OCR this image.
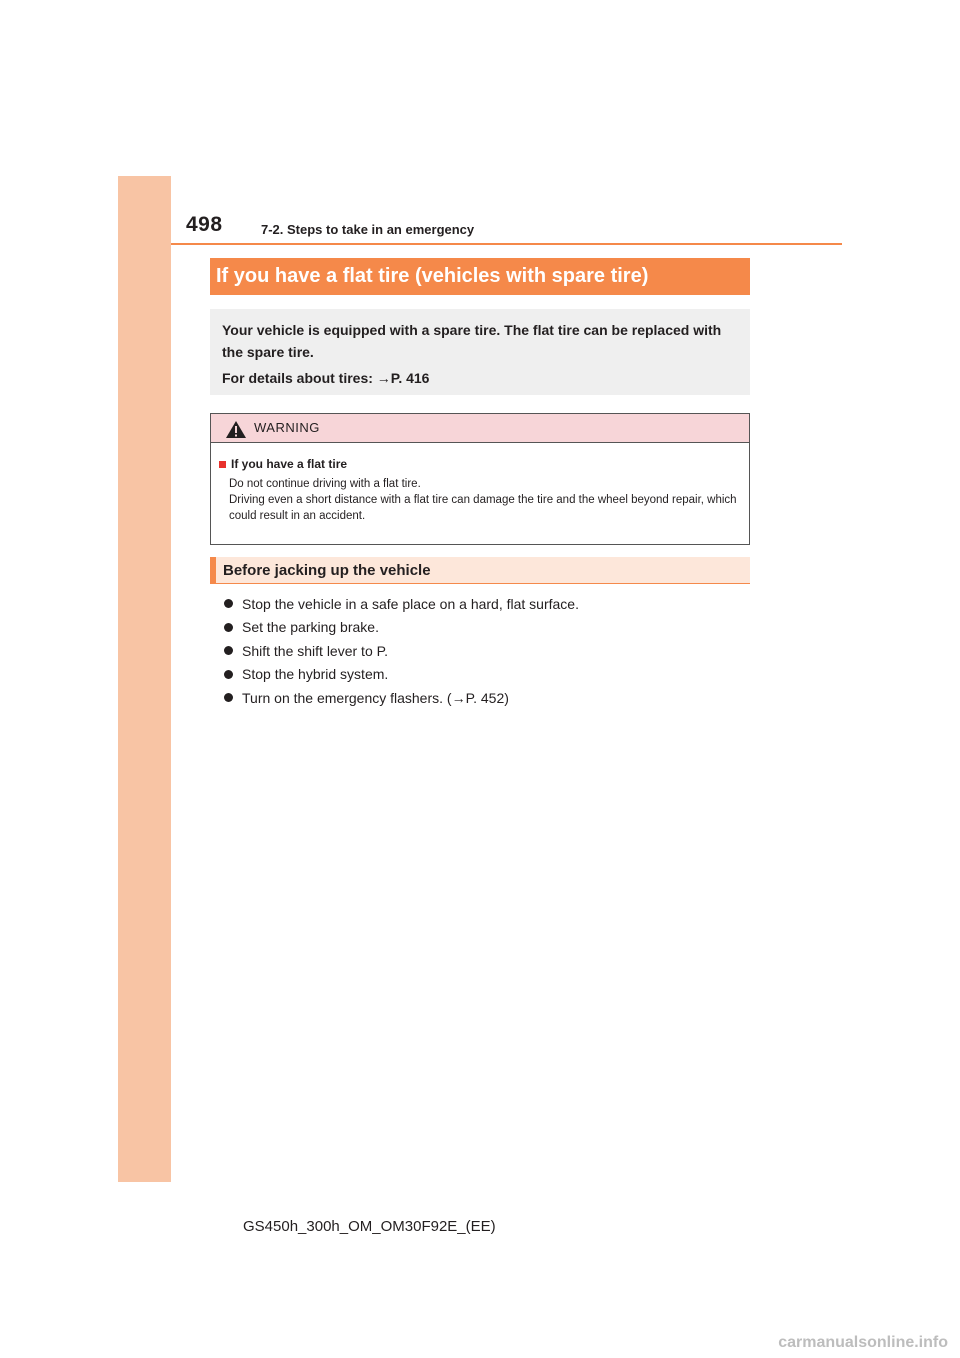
498	7-2. Steps to take in an emergency
If you have a flat tire (vehicles with spare tire)

Your vehicle is equipped with a spare tire. The flat tire can be replaced with the spare tire.

For details about tires: →P. 416

WARNING
If you have a flat tire

Do not continue driving with a flat tire.

Driving even a short distance with a flat tire can damage the tire and the wheel beyond repair, which could result in an accident.

Before jacking up the vehicle
Stop the vehicle in a safe place on a hard, flat surface.
Set the parking brake.
Shift the shift lever to P.
Stop the hybrid system.
Turn on the emergency flashers. (→P. 452)
GS450h_300h_OM_OM30F92E_(EE)
carmanualsonline.info
